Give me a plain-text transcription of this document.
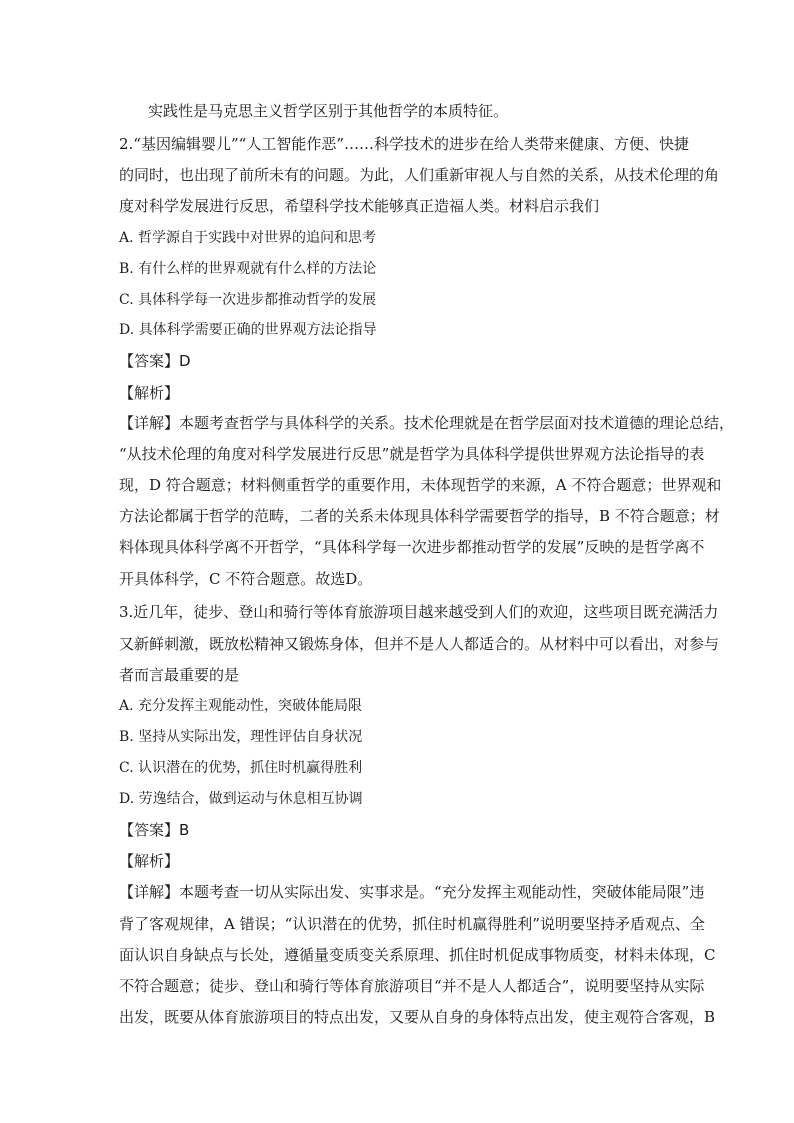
实践性是马克思主义哲学区别于其他哲学的本质特征。
2.“基因编辑婴儿”“人工智能作恶”……科学技术的进步在给人类带来健康、方便、快捷
的同时，也出现了前所未有的问题。为此，人们重新审视人与自然的关系，从技术伦理的角
度对科学发展进行反思，希望科学技术能够真正造福人类。材料启示我们
A. 哲学源自于实践中对世界的追问和思考
B. 有什么样的世界观就有什么样的方法论
C. 具体科学每一次进步都推动哲学的发展
D. 具体科学需要正确的世界观方法论指导
【答案】D
【解析】
【详解】本题考查哲学与具体科学的关系。技术伦理就是在哲学层面对技术道德的理论总结，
“从技术伦理的角度对科学发展进行反思”就是哲学为具体科学提供世界观方法论指导的表
现，D 符合题意；材料侧重哲学的重要作用，未体现哲学的来源，A 不符合题意；世界观和
方法论都属于哲学的范畴，二者的关系未体现具体科学需要哲学的指导，B 不符合题意；材
料体现具体科学离不开哲学，“具体科学每一次进步都推动哲学的发展”反映的是哲学离不
开具体科学，C 不符合题意。故选D。
3.近几年，徒步、登山和骑行等体育旅游项目越来越受到人们的欢迎，这些项目既充满活力
又新鲜刺激，既放松精神又锻炼身体，但并不是人人都适合的。从材料中可以看出，对参与
者而言最重要的是
A. 充分发挥主观能动性，突破体能局限
B. 坚持从实际出发，理性评估自身状况
C. 认识潜在的优势，抓住时机赢得胜利
D. 劳逸结合，做到运动与休息相互协调
【答案】B
【解析】
【详解】本题考查一切从实际出发、实事求是。“充分发挥主观能动性，突破体能局限”违
背了客观规律，A 错误；“认识潜在的优势，抓住时机赢得胜利”说明要坚持矛盾观点、全
面认识自身缺点与长处，遵循量变质变关系原理、抓住时机促成事物质变，材料未体现，C
不符合题意；徒步、登山和骑行等体育旅游项目“并不是人人都适合”，说明要坚持从实际
出发，既要从体育旅游项目的特点出发，又要从自身的身体特点出发，使主观符合客观，B
